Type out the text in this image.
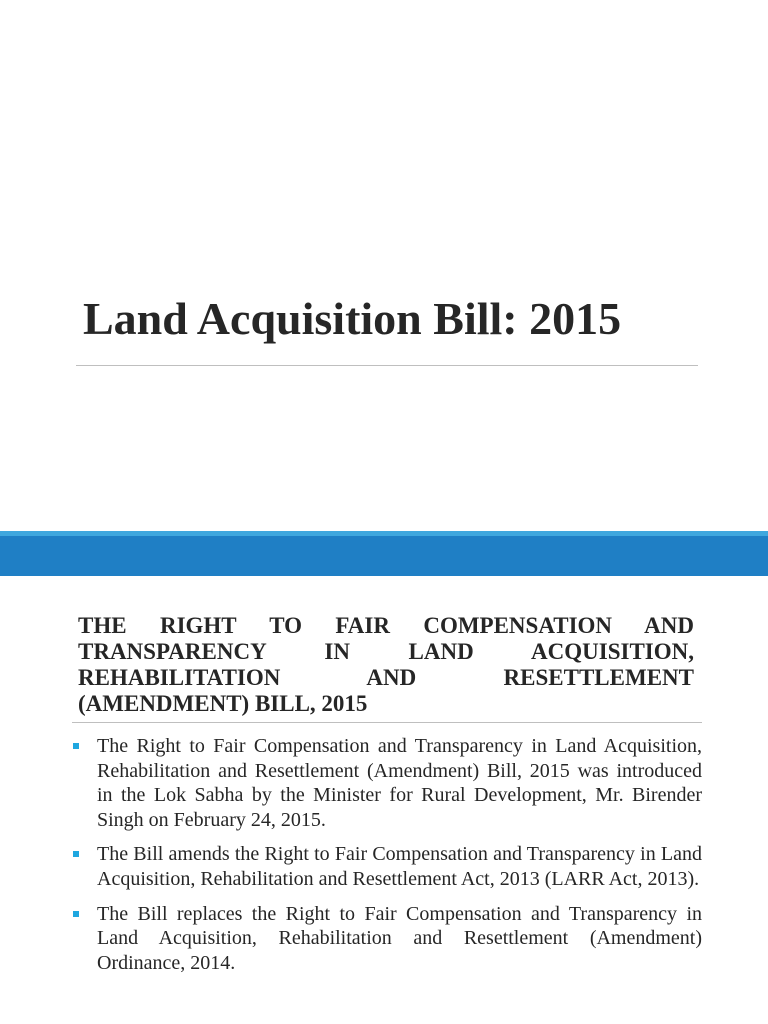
Land Acquisition Bill: 2015
THE RIGHT TO FAIR COMPENSATION AND TRANSPARENCY IN LAND ACQUISITION, REHABILITATION AND RESETTLEMENT (AMENDMENT) BILL, 2015
The Right to Fair Compensation and Transparency in Land Acquisition, Rehabilitation and Resettlement (Amendment) Bill, 2015 was introduced in the Lok Sabha by the Minister for Rural Development, Mr. Birender Singh on February 24, 2015.
The Bill amends the Right to Fair Compensation and Transparency in Land Acquisition, Rehabilitation and Resettlement Act, 2013 (LARR Act, 2013).
The Bill replaces the Right to Fair Compensation and Transparency in Land Acquisition, Rehabilitation and Resettlement (Amendment) Ordinance, 2014.
